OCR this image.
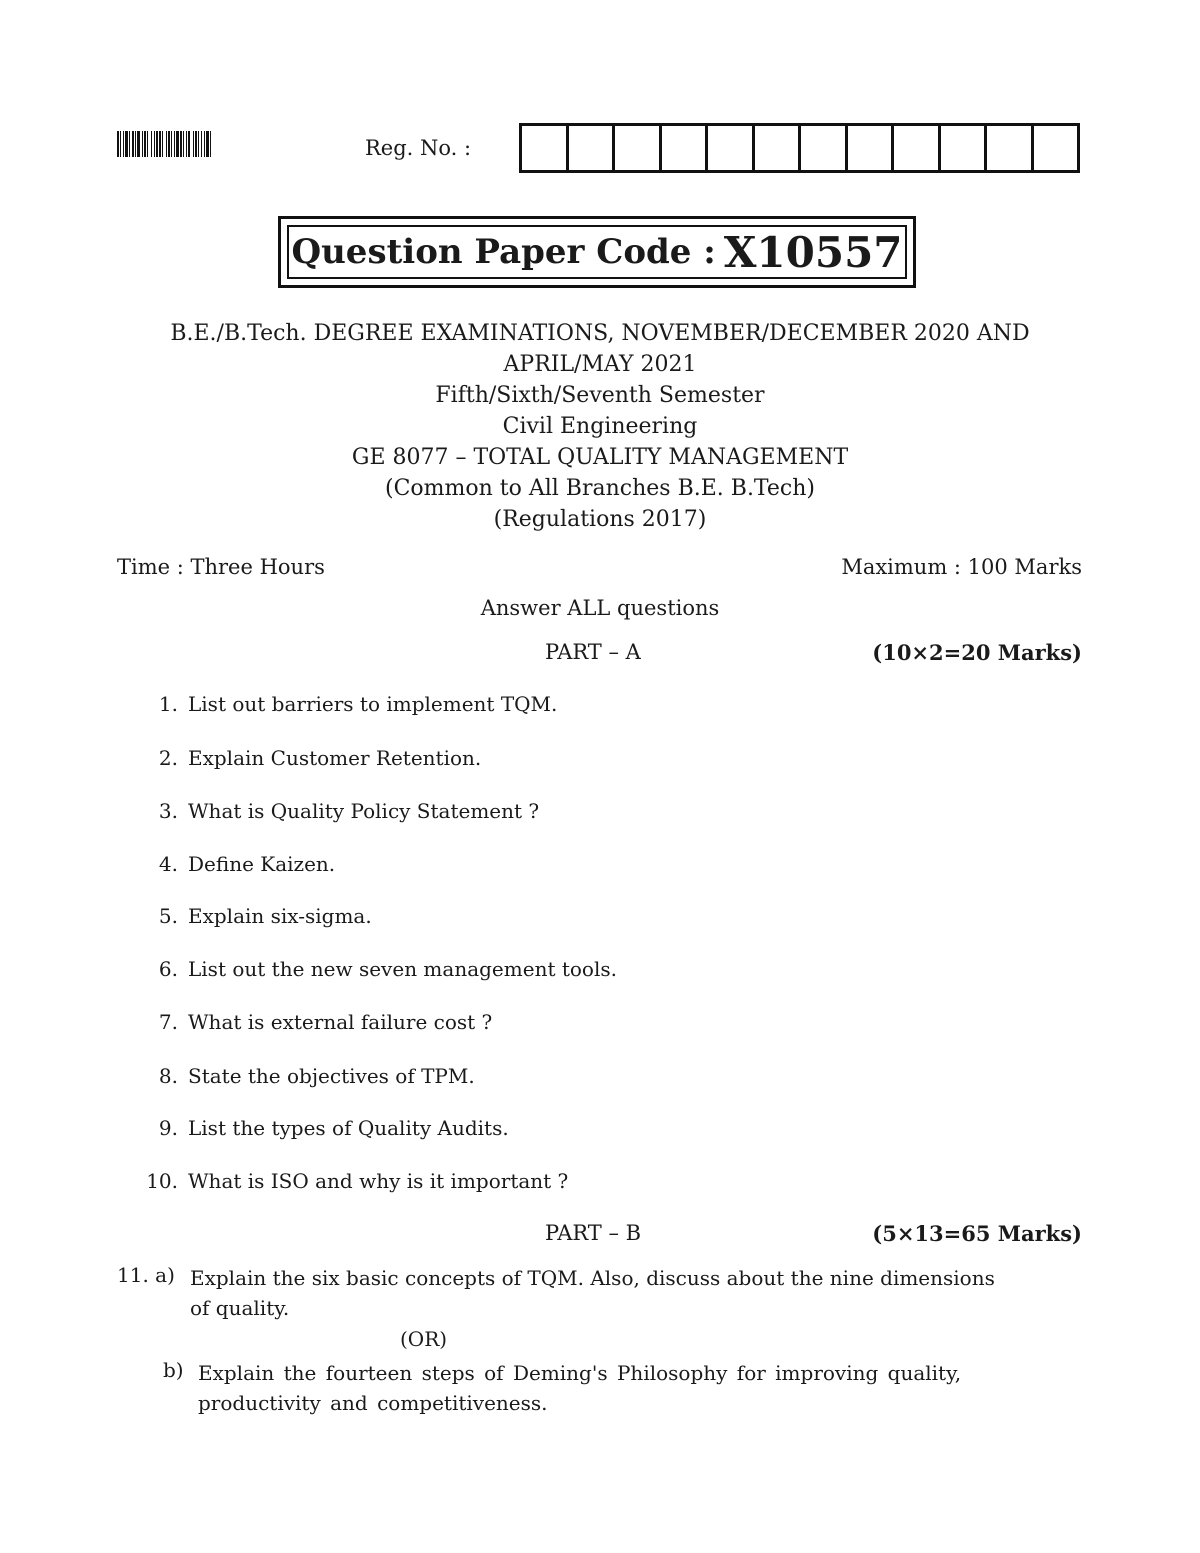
Reg. No. :
Question Paper Code : X10557
B.E./B.Tech. DEGREE EXAMINATIONS, NOVEMBER/DECEMBER 2020 AND
APRIL/MAY 2021
Fifth/Sixth/Seventh Semester
Civil Engineering
GE 8077 – TOTAL QUALITY MANAGEMENT
(Common to All Branches B.E. B.Tech)
(Regulations 2017)
Time : Three Hours	Maximum : 100 Marks
Answer ALL questions
PART – A	(10×2=20 Marks)
1. List out barriers to implement TQM.
2. Explain Customer Retention.
3. What is Quality Policy Statement ?
4. Define Kaizen.
5. Explain six-sigma.
6. List out the new seven management tools.
7. What is external failure cost ?
8. State the objectives of TPM.
9. List the types of Quality Audits.
10. What is ISO and why is it important ?
PART – B	(5×13=65 Marks)
11. a) Explain the six basic concepts of TQM. Also, discuss about the nine dimensions
of quality.
(OR)
b) Explain the fourteen steps of Deming's Philosophy for improving quality,
productivity and competitiveness.
